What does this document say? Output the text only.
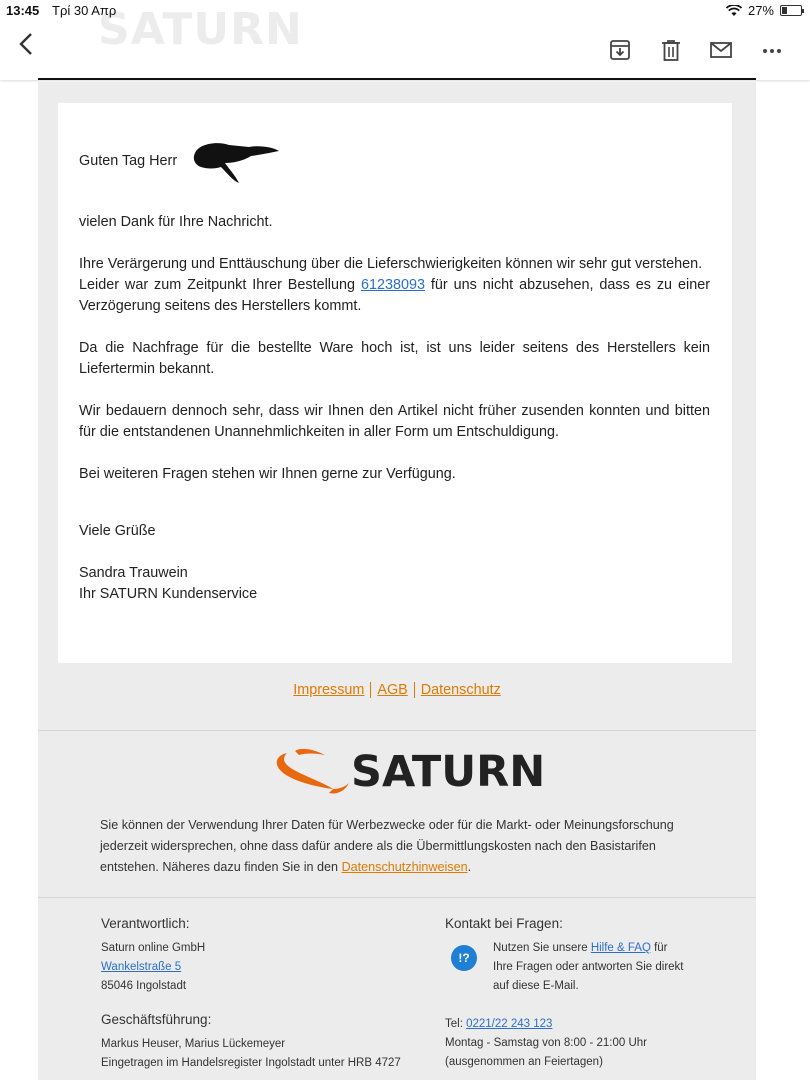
13:45 Τρί 30 Απρ	27%
SATURN

Guten Tag Herr

vielen Dank für Ihre Nachricht.

Ihre Verärgerung und Enttäuschung über die Lieferschwierigkeiten können wir sehr gut verstehen.
Leider war zum Zeitpunkt Ihrer Bestellung 61238093 für uns nicht abzusehen, dass es zu einer Verzögerung seitens des Herstellers kommt.

Da die Nachfrage für die bestellte Ware hoch ist, ist uns leider seitens des Herstellers kein Liefertermin bekannt.

Wir bedauern dennoch sehr, dass wir Ihnen den Artikel nicht früher zusenden konnten und bitten für die entstandenen Unannehmlichkeiten in aller Form um Entschuldigung.

Bei weiteren Fragen stehen wir Ihnen gerne zur Verfügung.

Viele Grüße

Sandra Trauwein
Ihr SATURN Kundenservice

Impressum AGB Datenschutz
SATURN
Sie können der Verwendung Ihrer Daten für Werbezwecke oder für die Markt- oder Meinungsforschung jederzeit widersprechen, ohne dass dafür andere als die Übermittlungskosten nach den Basistarifen entstehen. Näheres dazu finden Sie in den Datenschutzhinweisen.
Verantwortlich:
Saturn online GmbH
Wankelstraße 5
85046 Ingolstadt
Geschäftsführung:
Markus Heuser, Marius Lückemeyer
Eingetragen im Handelsregister Ingolstadt unter HRB 4727
Kontakt bei Fragen:
!?
Nutzen Sie unsere Hilfe & FAQ für
Ihre Fragen oder antworten Sie direkt
auf diese E-Mail.
Tel: 0221/22 243 123
Montag - Samstag von 8:00 - 21:00 Uhr
(ausgenommen an Feiertagen)
